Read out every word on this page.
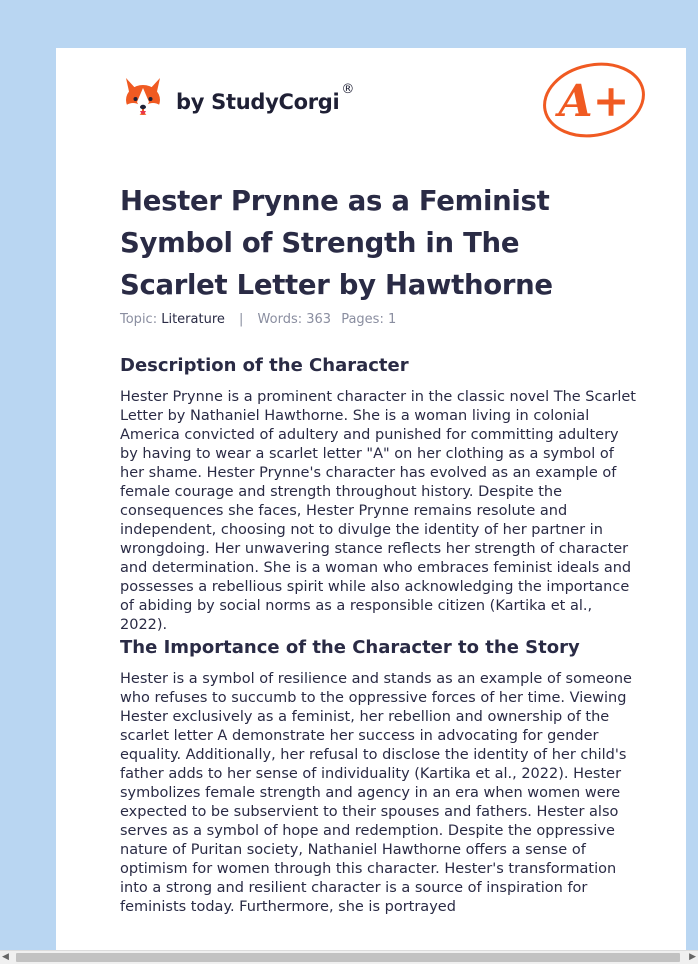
by StudyCorgi®	A+
Hester Prynne as a Feminist Symbol of Strength in The Scarlet Letter by Hawthorne
Topic: Literature | Words: 363 Pages: 1
Description of the Character

Hester Prynne is a prominent character in the classic novel The Scarlet Letter by Nathaniel Hawthorne. She is a woman living in colonial America convicted of adultery and punished for committing adultery by having to wear a scarlet letter "A" on her clothing as a symbol of her shame. Hester Prynne's character has evolved as an example of female courage and strength throughout history. Despite the consequences she faces, Hester Prynne remains resolute and independent, choosing not to divulge the identity of her partner in wrongdoing. Her unwavering stance reflects her strength of character and determination. She is a woman who embraces feminist ideals and possesses a rebellious spirit while also acknowledging the importance of abiding by social norms as a responsible citizen (Kartika et al., 2022).

The Importance of the Character to the Story

Hester is a symbol of resilience and stands as an example of someone who refuses to succumb to the oppressive forces of her time. Viewing Hester exclusively as a feminist, her rebellion and ownership of the scarlet letter A demonstrate her success in advocating for gender equality. Additionally, her refusal to disclose the identity of her child's father adds to her sense of individuality (Kartika et al., 2022). Hester symbolizes female strength and agency in an era when women were expected to be subservient to their spouses and fathers. Hester also serves as a symbol of hope and redemption. Despite the oppressive nature of Puritan society, Nathaniel Hawthorne offers a sense of optimism for women through this character. Hester's transformation into a strong and resilient character is a source of inspiration for feminists today. Furthermore, she is portrayed

◀	▶
